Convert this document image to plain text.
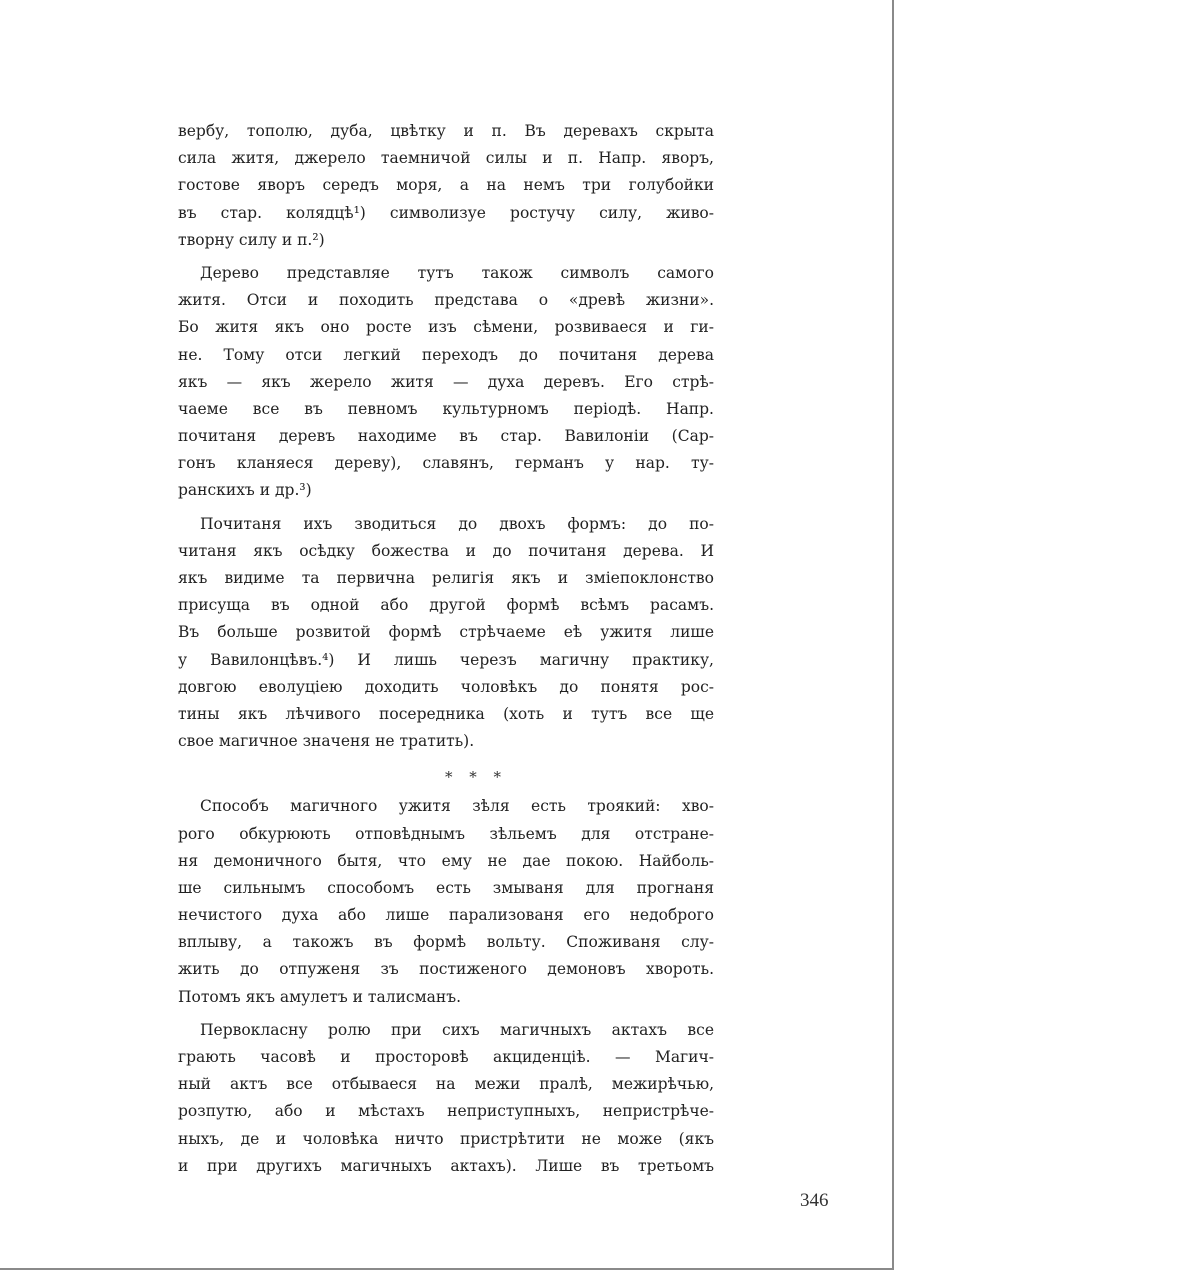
вербу, тополю, дуба, цвѣтку и п. Въ деревахъ скрыта
сила житя, джерело таемничой силы и п. Напр. яворъ,
гостове яворъ середъ моря, а на немъ три голубойки
въ стар. колядцѣ¹) символизуе ростучу силу, живо-
творну силу и п.²)
Дерево представляе тутъ також символъ самого
житя. Отси и походить представа о «древѣ жизни».
Бо житя якъ оно росте изъ сѣмени, розвиваеся и ги-
не. Тому отси легкий переходъ до почитаня дерева
якъ — якъ жерело житя — духа деревъ. Его стрѣ-
чаеме все въ певномъ культурномъ перiодѣ. Напр.
почитаня деревъ находиме въ стар. Вавилонiи (Сар-
гонъ кланяеся дереву), славянъ, германъ у нар. ту-
ранскихъ и др.³)
Почитаня ихъ зводиться до двохъ формъ: до по-
читаня якъ осѣдку божества и до почитаня дерева. И
якъ видиме та первична религiя якъ и змiепоклонство
присуща въ одной або другой формѣ всѣмъ расамъ.
Въ больше розвитой формѣ стрѣчаеме еѣ ужитя лише
у Вавилонцѣвъ.⁴) И лишь черезъ магичну практику,
довгою еволуцiею доходить чоловѣкъ до понятя рос-
тины якъ лѣчивого посередника (хоть и тутъ все ще
свое магичное значеня не тратить).
* * *
Способъ магичного ужитя зѣля есть троякий: хво-
рого обкурюють отповѣднымъ зѣльемъ для отстране-
ня демоничного бытя, что ему не дае покою. Найболь-
ше сильнымъ способомъ есть змываня для прогнаня
нечистого духа або лише парализованя его недоброго
вплыву, а такожъ въ формѣ вольту. Споживаня слу-
жить до отпуженя зъ постиженого демоновъ хвороть.
Потомъ якъ амулетъ и талисманъ.
Первокласну ролю при сихъ магичныхъ актахъ все
грають часовѣ и просторовѣ акциденцiѣ. — Магич-
ный актъ все отбываеся на межи пралѣ, межирѣчью,
розпутю, або и мѣстахъ неприступныхъ, непристрѣче-
ныхъ, де и чоловѣка ничто пристрѣтити не може (якъ
и при другихъ магичныхъ актахъ). Лише въ третьомъ
346
